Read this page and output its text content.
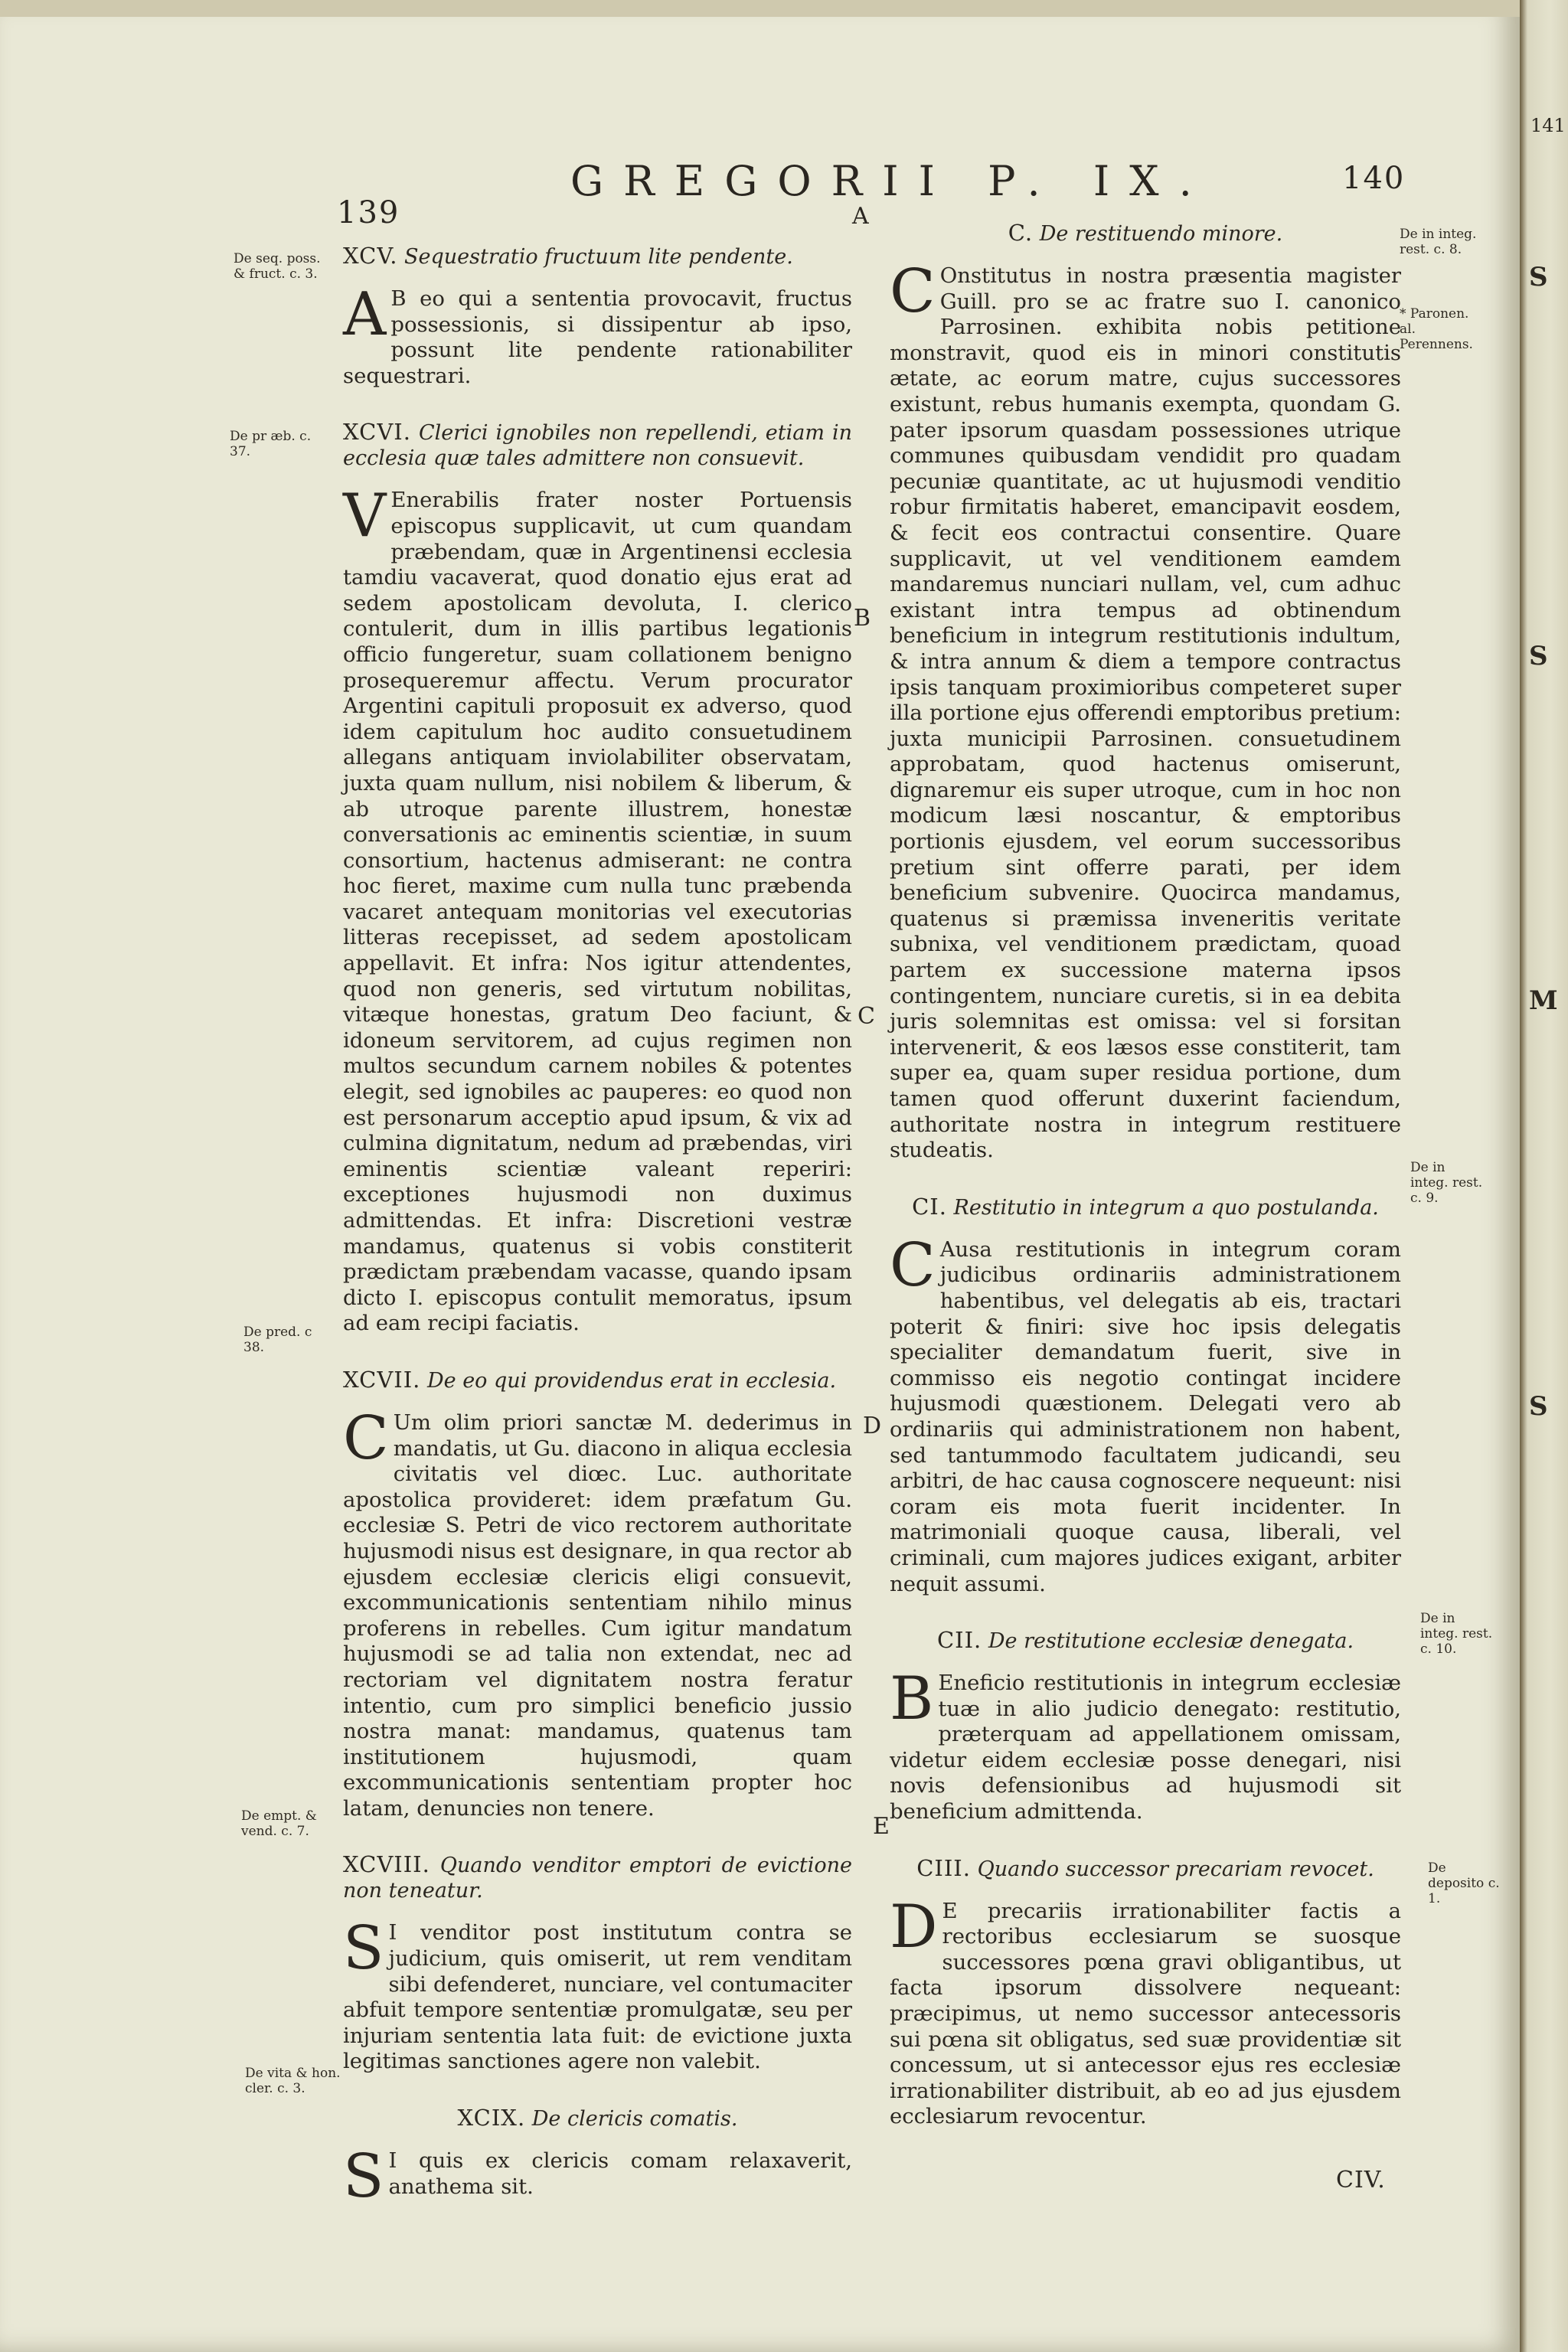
139
GREGORII P. IX.
A
140
De seq. poss. & fruct. c. 3.
De pr æb. c. 37.
De pred. c 38.
De empt. & vend. c. 7.
De vita & hon. cler. c. 3.
De in integ. rest. c. 8.
* Paronen. al. Perennens.
De in integ. rest. c. 9.
De in integ. rest. c. 10.
De deposito c. 1.
B
C
D
E
XCV. Sequestratio fructuum lite pendente.

A B eo qui a sententia provocavit, fructus possessionis, si dissipentur ab ipso, possunt lite pendente rationabiliter sequestrari.

XCVI. Clerici ignobiles non repellendi, etiam in ecclesia quæ tales admittere non consuevit.

V Enerabilis frater noster Portuensis episcopus supplicavit, ut cum quandam præbendam, quæ in Argentinensi ecclesia tamdiu vacaverat, quod donatio ejus erat ad sedem apostolicam devoluta, I. clerico contulerit, dum in illis partibus legationis officio fungeretur, suam collationem benigno prosequeremur affectu. Verum procurator Argentini capituli proposuit ex adverso, quod idem capitulum hoc audito consuetudinem allegans antiquam inviolabiliter observatam, juxta quam nullum, nisi nobilem & liberum, & ab utroque parente illustrem, honestæ conversationis ac eminentis scientiæ, in suum consortium, hactenus admiserant: ne contra hoc fieret, maxime cum nulla tunc præbenda vacaret antequam monitorias vel executorias litteras recepisset, ad sedem apostolicam appellavit. Et infra: Nos igitur attendentes, quod non generis, sed virtutum nobilitas, vitæque honestas, gratum Deo faciunt, & idoneum servitorem, ad cujus regimen non multos secundum carnem nobiles & potentes elegit, sed ignobiles ac pauperes: eo quod non est personarum acceptio apud ipsum, & vix ad culmina dignitatum, nedum ad præbendas, viri eminentis scientiæ valeant reperiri: exceptiones hujusmodi non duximus admittendas. Et infra: Discretioni vestræ mandamus, quatenus si vobis constiterit prædictam præbendam vacasse, quando ipsam dicto I. episcopus contulit memoratus, ipsum ad eam recipi faciatis.

XCVII. De eo qui providendus erat in ecclesia.

C Um olim priori sanctæ M. dederimus in mandatis, ut Gu. diacono in aliqua ecclesia civitatis vel diœc. Luc. authoritate apostolica provideret: idem præfatum Gu. ecclesiæ S. Petri de vico rectorem authoritate hujusmodi nisus est designare, in qua rector ab ejusdem ecclesiæ clericis eligi consuevit, excommunicationis sententiam nihilo minus proferens in rebelles. Cum igitur mandatum hujusmodi se ad talia non extendat, nec ad rectoriam vel dignitatem nostra feratur intentio, cum pro simplici beneficio jussio nostra manat: mandamus, quatenus tam institutionem hujusmodi, quam excommunicationis sententiam propter hoc latam, denuncies non tenere.

XCVIII. Quando venditor emptori de evictione non teneatur.

S I venditor post institutum contra se judicium, quis omiserit, ut rem venditam sibi defenderet, nunciare, vel contumaciter abfuit tempore sententiæ promulgatæ, seu per injuriam sententia lata fuit: de evictione juxta legitimas sanctiones agere non valebit.

XCIX. De clericis comatis.

S I quis ex clericis comam relaxaverit, anathema sit.

C. De restituendo minore.

C Onstitutus in nostra præsentia magister Guill. pro se ac fratre suo I. canonico Parrosinen. exhibita nobis petitione monstravit, quod eis in minori constitutis ætate, ac eorum matre, cujus successores existunt, rebus humanis exempta, quondam G. pater ipsorum quasdam possessiones utrique communes quibusdam vendidit pro quadam pecuniæ quantitate, ac ut hujusmodi venditio robur firmitatis haberet, emancipavit eosdem, & fecit eos contractui consentire. Quare supplicavit, ut vel venditionem eamdem mandaremus nunciari nullam, vel, cum adhuc existant intra tempus ad obtinendum beneficium in integrum restitutionis indultum, & intra annum & diem a tempore contractus ipsis tanquam proximioribus competeret super illa portione ejus offerendi emptoribus pretium: juxta municipii Parrosinen. consuetudinem approbatam, quod hactenus omiserunt, dignaremur eis super utroque, cum in hoc non modicum læsi noscantur, & emptoribus portionis ejusdem, vel eorum successoribus pretium sint offerre parati, per idem beneficium subvenire. Quocirca mandamus, quatenus si præmissa inveneritis veritate subnixa, vel venditionem prædictam, quoad partem ex successione materna ipsos contingentem, nunciare curetis, si in ea debita juris solemnitas est omissa: vel si forsitan intervenerit, & eos læsos esse constiterit, tam super ea, quam super residua portione, dum tamen quod offerunt duxerint faciendum, authoritate nostra in integrum restituere studeatis.

CI. Restitutio in integrum a quo postulanda.

C Ausa restitutionis in integrum coram judicibus ordinariis administrationem habentibus, vel delegatis ab eis, tractari poterit & finiri: sive hoc ipsis delegatis specialiter demandatum fuerit, sive in commisso eis negotio contingat incidere hujusmodi quæstionem. Delegati vero ab ordinariis qui administrationem non habent, sed tantummodo facultatem judicandi, seu arbitri, de hac causa cognoscere nequeunt: nisi coram eis mota fuerit incidenter. In matrimoniali quoque causa, liberali, vel criminali, cum majores judices exigant, arbiter nequit assumi.

CII. De restitutione ecclesiæ denegata.

B Eneficio restitutionis in integrum ecclesiæ tuæ in alio judicio denegato: restitutio, præterquam ad appellationem omissam, videtur eidem ecclesiæ posse denegari, nisi novis defensionibus ad hujusmodi sit beneficium admittenda.

CIII. Quando successor precariam revocet.

D E precariis irrationabiliter factis a rectoribus ecclesiarum se suosque successores pœna gravi obligantibus, ut facta ipsorum dissolvere nequeant: præcipimus, ut nemo successor antecessoris sui pœna sit obligatus, sed suæ providentiæ sit concessum, ut si antecessor ejus res ecclesiæ irrationabiliter distribuit, ab eo ad jus ejusdem ecclesiarum revocentur.

CIV.
141
S
S
M
S
